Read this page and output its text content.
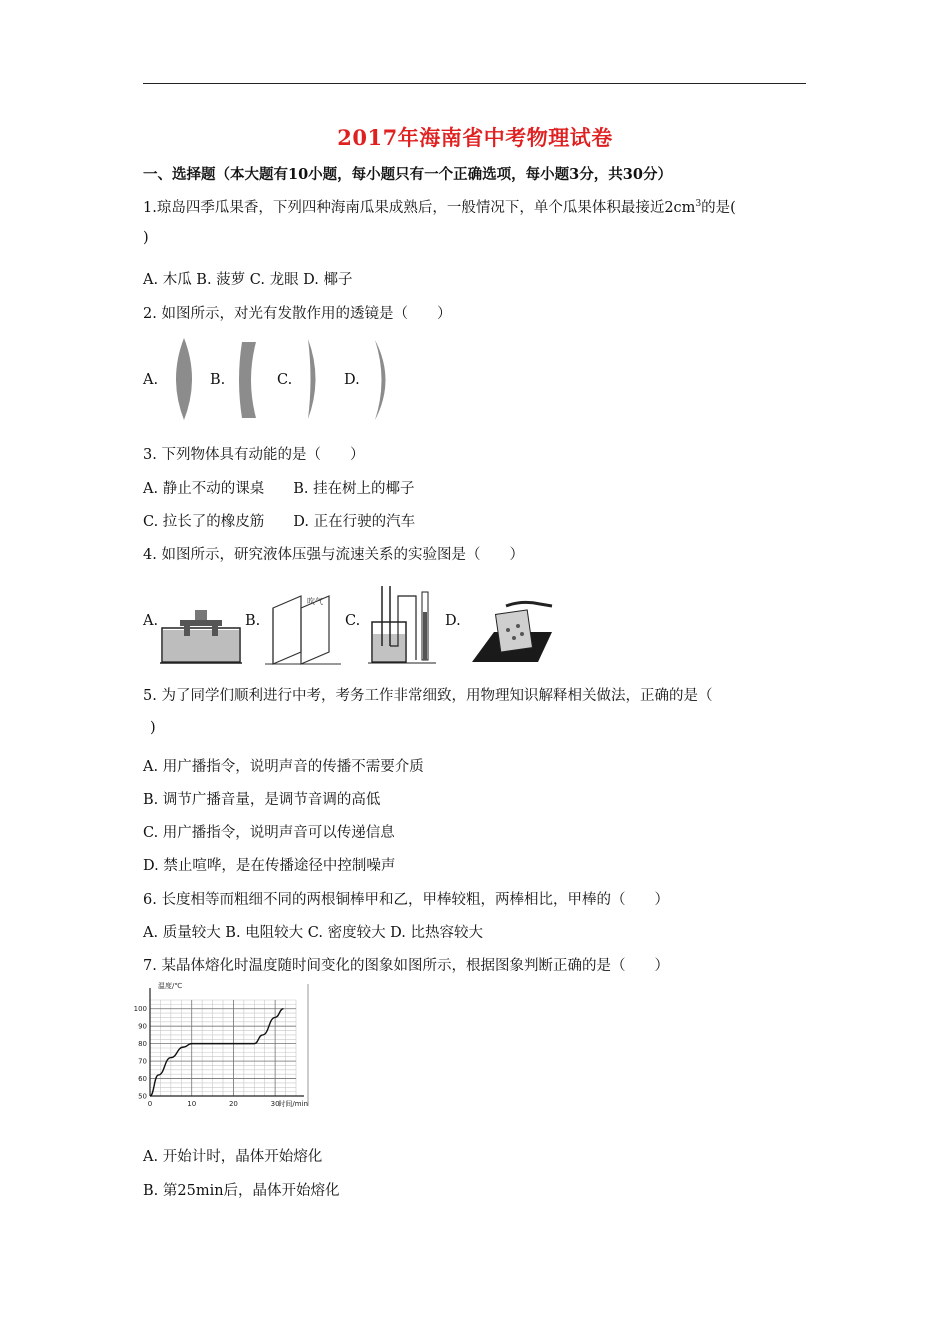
2017年海南省中考物理试卷
一、选择题（本大题有10小题，每小题只有一个正确选项，每小题3分，共30分）
1.琼岛四季瓜果香，下列四种海南瓜果成熟后，一般情况下，单个瓜果体积最接近$2cm^3$的是(
)
A. 木瓜 B. 菠萝 C. 龙眼 D. 椰子
2. 如图所示，对光有发散作用的透镜是（　　）
A.	B.	C.	D.
3. 下列物体具有动能的是（　　）
A. 静止不动的课桌　　B. 挂在树上的椰子
C. 拉长了的橡皮筋　　D. 正在行驶的汽车
4. 如图所示，研究液体压强与流速关系的实验图是（　　）
A.	B.	C.	D.
吹气
5. 为了同学们顺利进行中考，考务工作非常细致，用物理知识解释相关做法，正确的是（
)
A. 用广播指令，说明声音的传播不需要介质
B. 调节广播音量，是调节音调的高低
C. 用广播指令，说明声音可以传递信息
D. 禁止喧哗，是在传播途径中控制噪声
6. 长度相等而粗细不同的两根铜棒甲和乙，甲棒较粗，两棒相比，甲棒的（　　）
A. 质量较大 B. 电阻较大 C. 密度较大 D. 比热容较大
7. 某晶体熔化时温度随时间变化的图象如图所示，根据图象判断正确的是（　　）
0	10	20	30
50
60
70
80
90
100
温度/℃
时间/min
A. 开始计时，晶体开始熔化
B. 第25min后，晶体开始熔化
